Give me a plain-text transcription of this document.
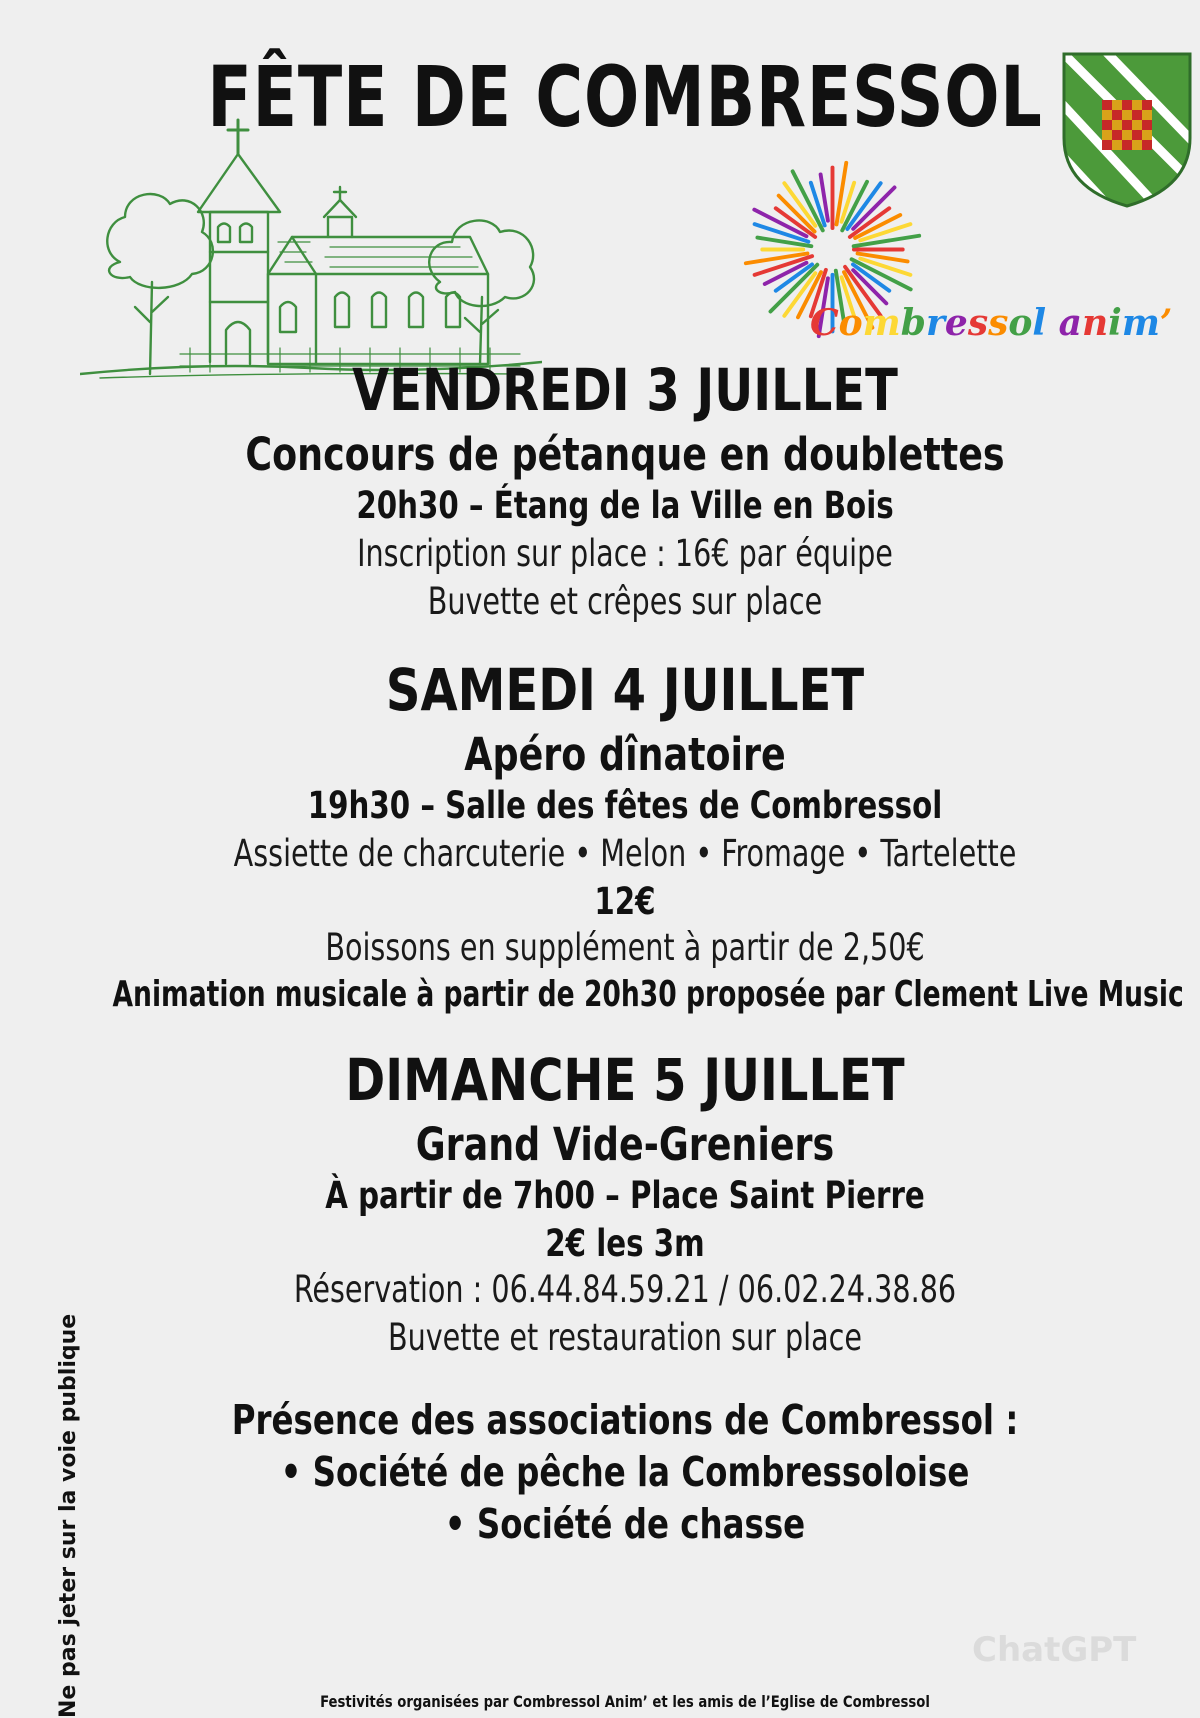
FÊTE DE COMBRESSOL
Combressol anim’
VENDREDI 3 JUILLET
Concours de pétanque en doublettes
20h30 – Étang de la Ville en Bois
Inscription sur place : 16€ par équipe
Buvette et crêpes sur place
SAMEDI 4 JUILLET
Apéro dînatoire
19h30 – Salle des fêtes de Combressol
Assiette de charcuterie • Melon • Fromage • Tartelette
12€
Boissons en supplément à partir de 2,50€
Animation musicale à partir de 20h30 proposée par Clement Live Music
DIMANCHE 5 JUILLET
Grand Vide-Greniers
À partir de 7h00 – Place Saint Pierre
2€ les 3m
Réservation : 06.44.84.59.21 / 06.02.24.38.86
Buvette et restauration sur place
Présence des associations de Combressol :
• Société de pêche la Combressoloise
• Société de chasse
Ne pas jeter sur la voie publique	ChatGPT
Festivités organisées par Combressol Anim’ et les amis de l’Eglise de Combressol
